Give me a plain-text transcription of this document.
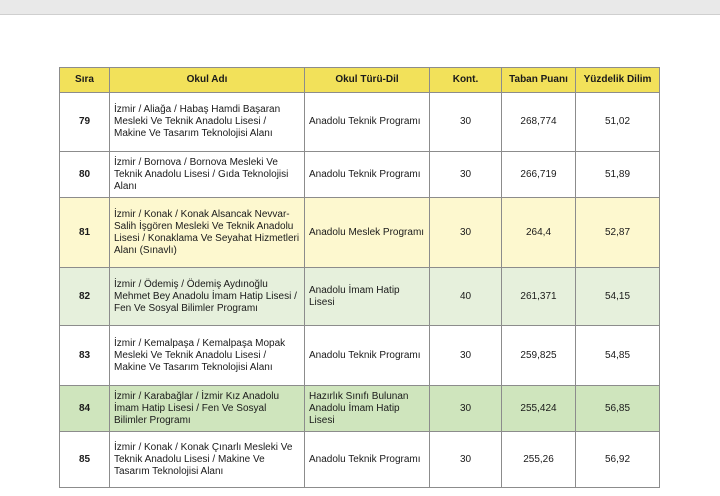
Sıra	Okul Adı	Okul Türü-Dil	Kont.	Taban Puanı	Yüzdelik Dilim
79	İzmir / Aliağa / Habaş Hamdi Başaran Mesleki Ve Teknik Anadolu Lisesi / Makine Ve Tasarım Teknolojisi Alanı	Anadolu Teknik Programı	30	268,774	51,02
80	İzmir / Bornova / Bornova Mesleki Ve Teknik Anadolu Lisesi / Gıda Teknolojisi Alanı	Anadolu Teknik Programı	30	266,719	51,89
81	İzmir / Konak / Konak Alsancak Nevvar-Salih İşgören Mesleki Ve Teknik Anadolu Lisesi / Konaklama Ve Seyahat Hizmetleri Alanı (Sınavlı)	Anadolu Meslek Programı	30	264,4	52,87
82	İzmir / Ödemiş / Ödemiş Aydınoğlu Mehmet Bey Anadolu İmam Hatip Lisesi / Fen Ve Sosyal Bilimler Programı	Anadolu İmam Hatip Lisesi	40	261,371	54,15
83	İzmir / Kemalpaşa / Kemalpaşa Mopak Mesleki Ve Teknik Anadolu Lisesi / Makine Ve Tasarım Teknolojisi Alanı	Anadolu Teknik Programı	30	259,825	54,85
84	İzmir / Karabağlar / İzmir Kız Anadolu İmam Hatip Lisesi / Fen Ve Sosyal Bilimler Programı	Hazırlık Sınıfı Bulunan Anadolu İmam Hatip Lisesi	30	255,424	56,85
85	İzmir / Konak / Konak Çınarlı Mesleki Ve Teknik Anadolu Lisesi / Makine Ve Tasarım Teknolojisi Alanı	Anadolu Teknik Programı	30	255,26	56,92
